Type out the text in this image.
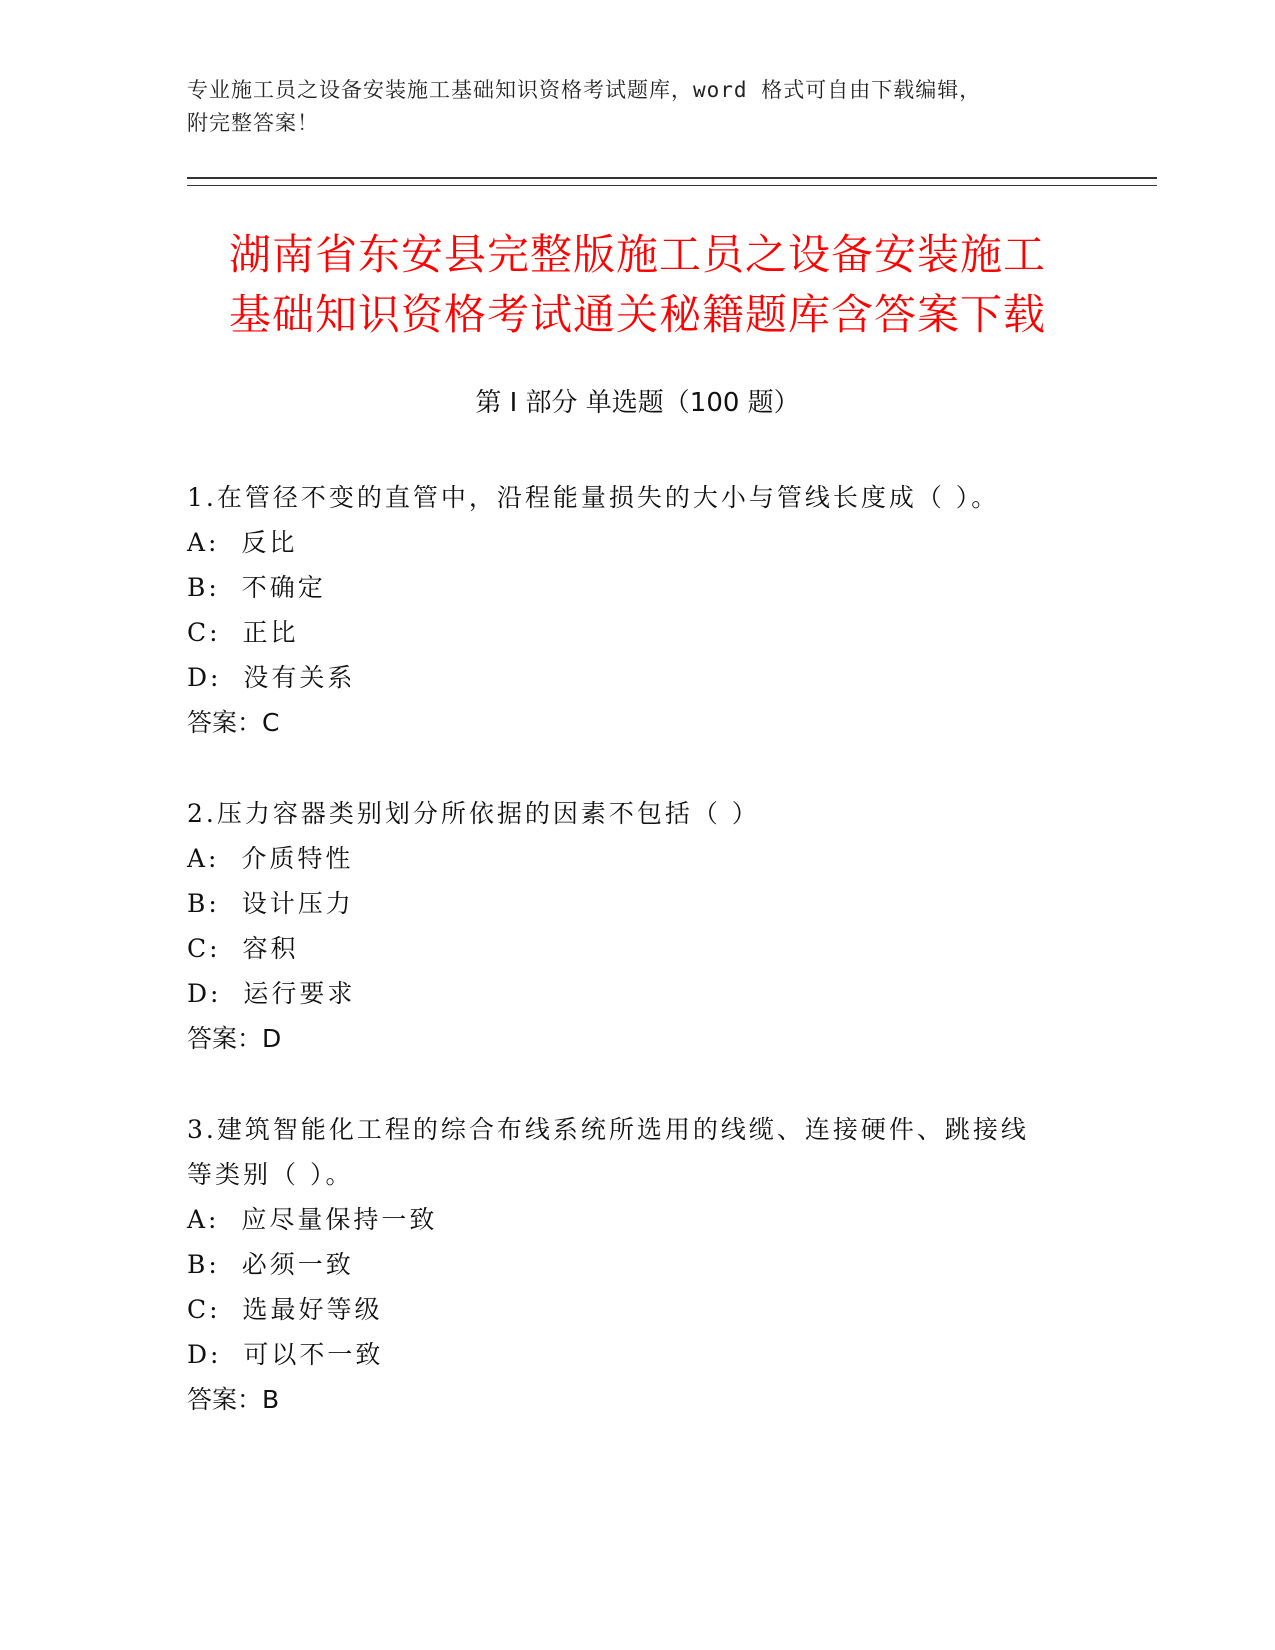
专业施工员之设备安装施工基础知识资格考试题库，word 格式可自由下载编辑，
附完整答案！
湖南省东安县完整版施工员之设备安装施工
基础知识资格考试通关秘籍题库含答案下载
第 I 部分 单选题（100 题）
1.在管径不变的直管中，沿程能量损失的大小与管线长度成（ ）。
A:  反比
B:  不确定
C:  正比
D:  没有关系
答案：C
2.压力容器类别划分所依据的因素不包括（ ）
A:  介质特性
B:  设计压力
C:  容积
D:  运行要求
答案：D
3.建筑智能化工程的综合布线系统所选用的线缆、连接硬件、跳接线
等类别（ ）。
A:  应尽量保持一致
B:  必须一致
C:  选最好等级
D:  可以不一致
答案：B
